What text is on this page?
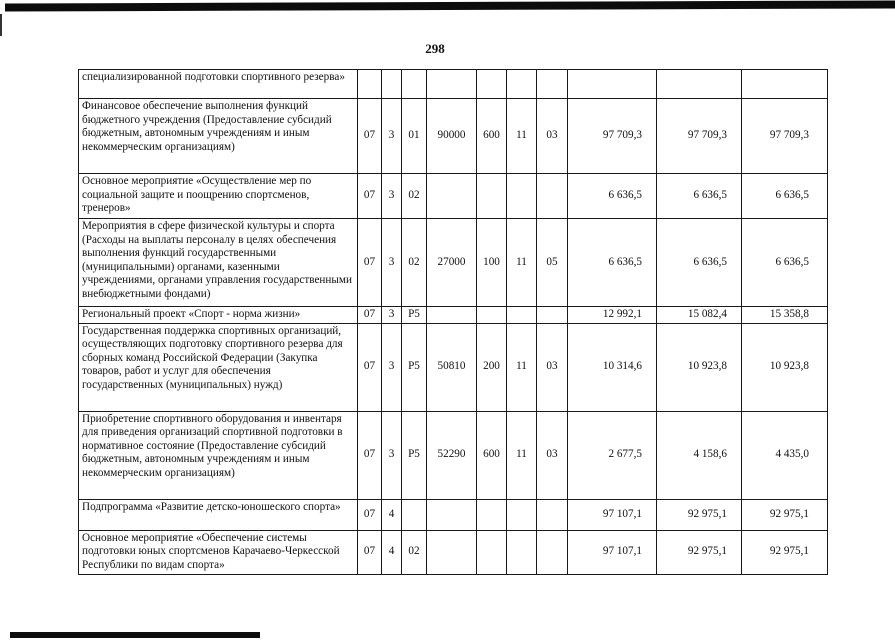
298
специализированной подготовки спортивного резерва»										
Финансовое обеспечение выполнения функций бюджетного учреждения (Предоставление субсидий бюджетным, автономным учреждениям и иным некоммерческим организациям)	07	3	01	90000	600	11	03	97 709,3	97 709,3	97 709,3
Основное мероприятие «Осуществление мер по социальной защите и поощрению спортсменов, тренеров»	07	3	02					6 636,5	6 636,5	6 636,5
Мероприятия в сфере физической культуры и спорта (Расходы на выплаты персоналу в целях обеспечения выполнения функций государственными (муниципальными) органами, казенными учреждениями, органами управления государственными внебюджетными фондами)	07	3	02	27000	100	11	05	6 636,5	6 636,5	6 636,5
Региональный проект «Спорт - норма жизни»	07	3	P5					12 992,1	15 082,4	15 358,8
Государственная поддержка спортивных организаций, осуществляющих подготовку спортивного резерва для сборных команд Российской Федерации (Закупка товаров, работ и услуг для обеспечения государственных (муниципальных) нужд)	07	3	P5	50810	200	11	03	10 314,6	10 923,8	10 923,8
Приобретение спортивного оборудования и инвентаря для приведения организаций спортивной подготовки в нормативное состояние (Предоставление субсидий бюджетным, автономным учреждениям и иным некоммерческим организациям)	07	3	P5	52290	600	11	03	2 677,5	4 158,6	4 435,0
Подпрограмма «Развитие детско-юношеского спорта»	07	4						97 107,1	92 975,1	92 975,1
Основное мероприятие «Обеспечение системы подготовки юных спортсменов Карачаево-Черкесской Республики по видам спорта»	07	4	02					97 107,1	92 975,1	92 975,1
